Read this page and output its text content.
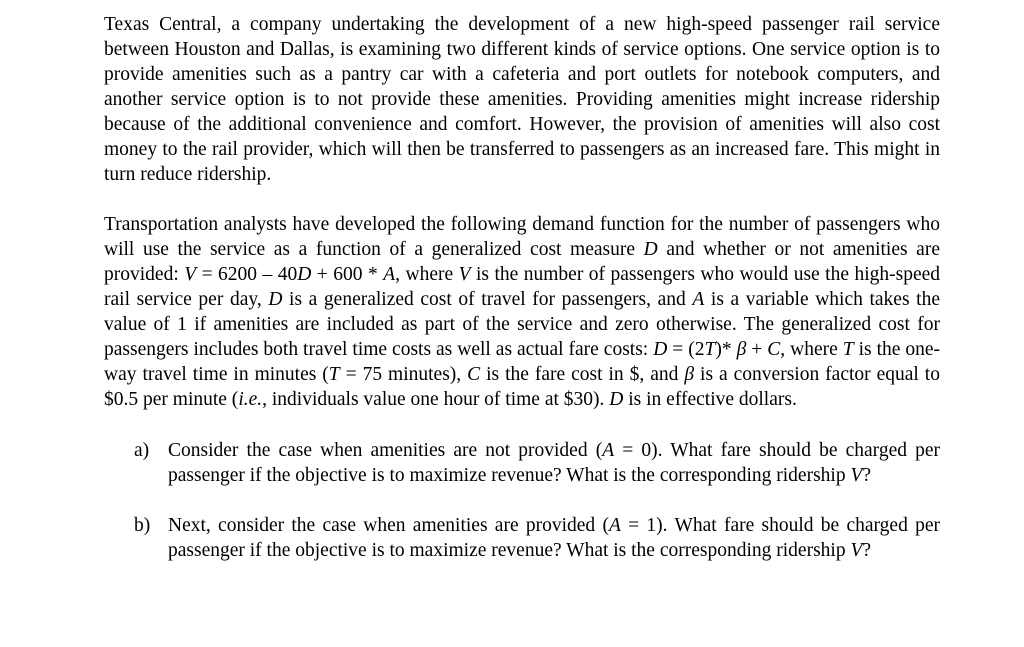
Texas Central, a company undertaking the development of a new high-speed passenger rail service between Houston and Dallas, is examining two different kinds of service options. One service option is to provide amenities such as a pantry car with a cafeteria and port outlets for notebook computers, and another service option is to not provide these amenities. Providing amenities might increase ridership because of the additional convenience and comfort. However, the provision of amenities will also cost money to the rail provider, which will then be transferred to passengers as an increased fare. This might in turn reduce ridership.

Transportation analysts have developed the following demand function for the number of passengers who will use the service as a function of a generalized cost measure D and whether or not amenities are provided: V = 6200 – 40D + 600 * A, where V is the number of passengers who would use the high-speed rail service per day, D is a generalized cost of travel for passengers, and A is a variable which takes the value of 1 if amenities are included as part of the service and zero otherwise. The generalized cost for passengers includes both travel time costs as well as actual fare costs: D = (2T)* β + C, where T is the one-way travel time in minutes (T = 75 minutes), C is the fare cost in $, and β is a conversion factor equal to $0.5 per minute (i.e., individuals value one hour of time at $30). D is in effective dollars.

a) Consider the case when amenities are not provided (A = 0). What fare should be charged per passenger if the objective is to maximize revenue? What is the corresponding ridership V?
b) Next, consider the case when amenities are provided (A = 1). What fare should be charged per passenger if the objective is to maximize revenue? What is the corresponding ridership V?
